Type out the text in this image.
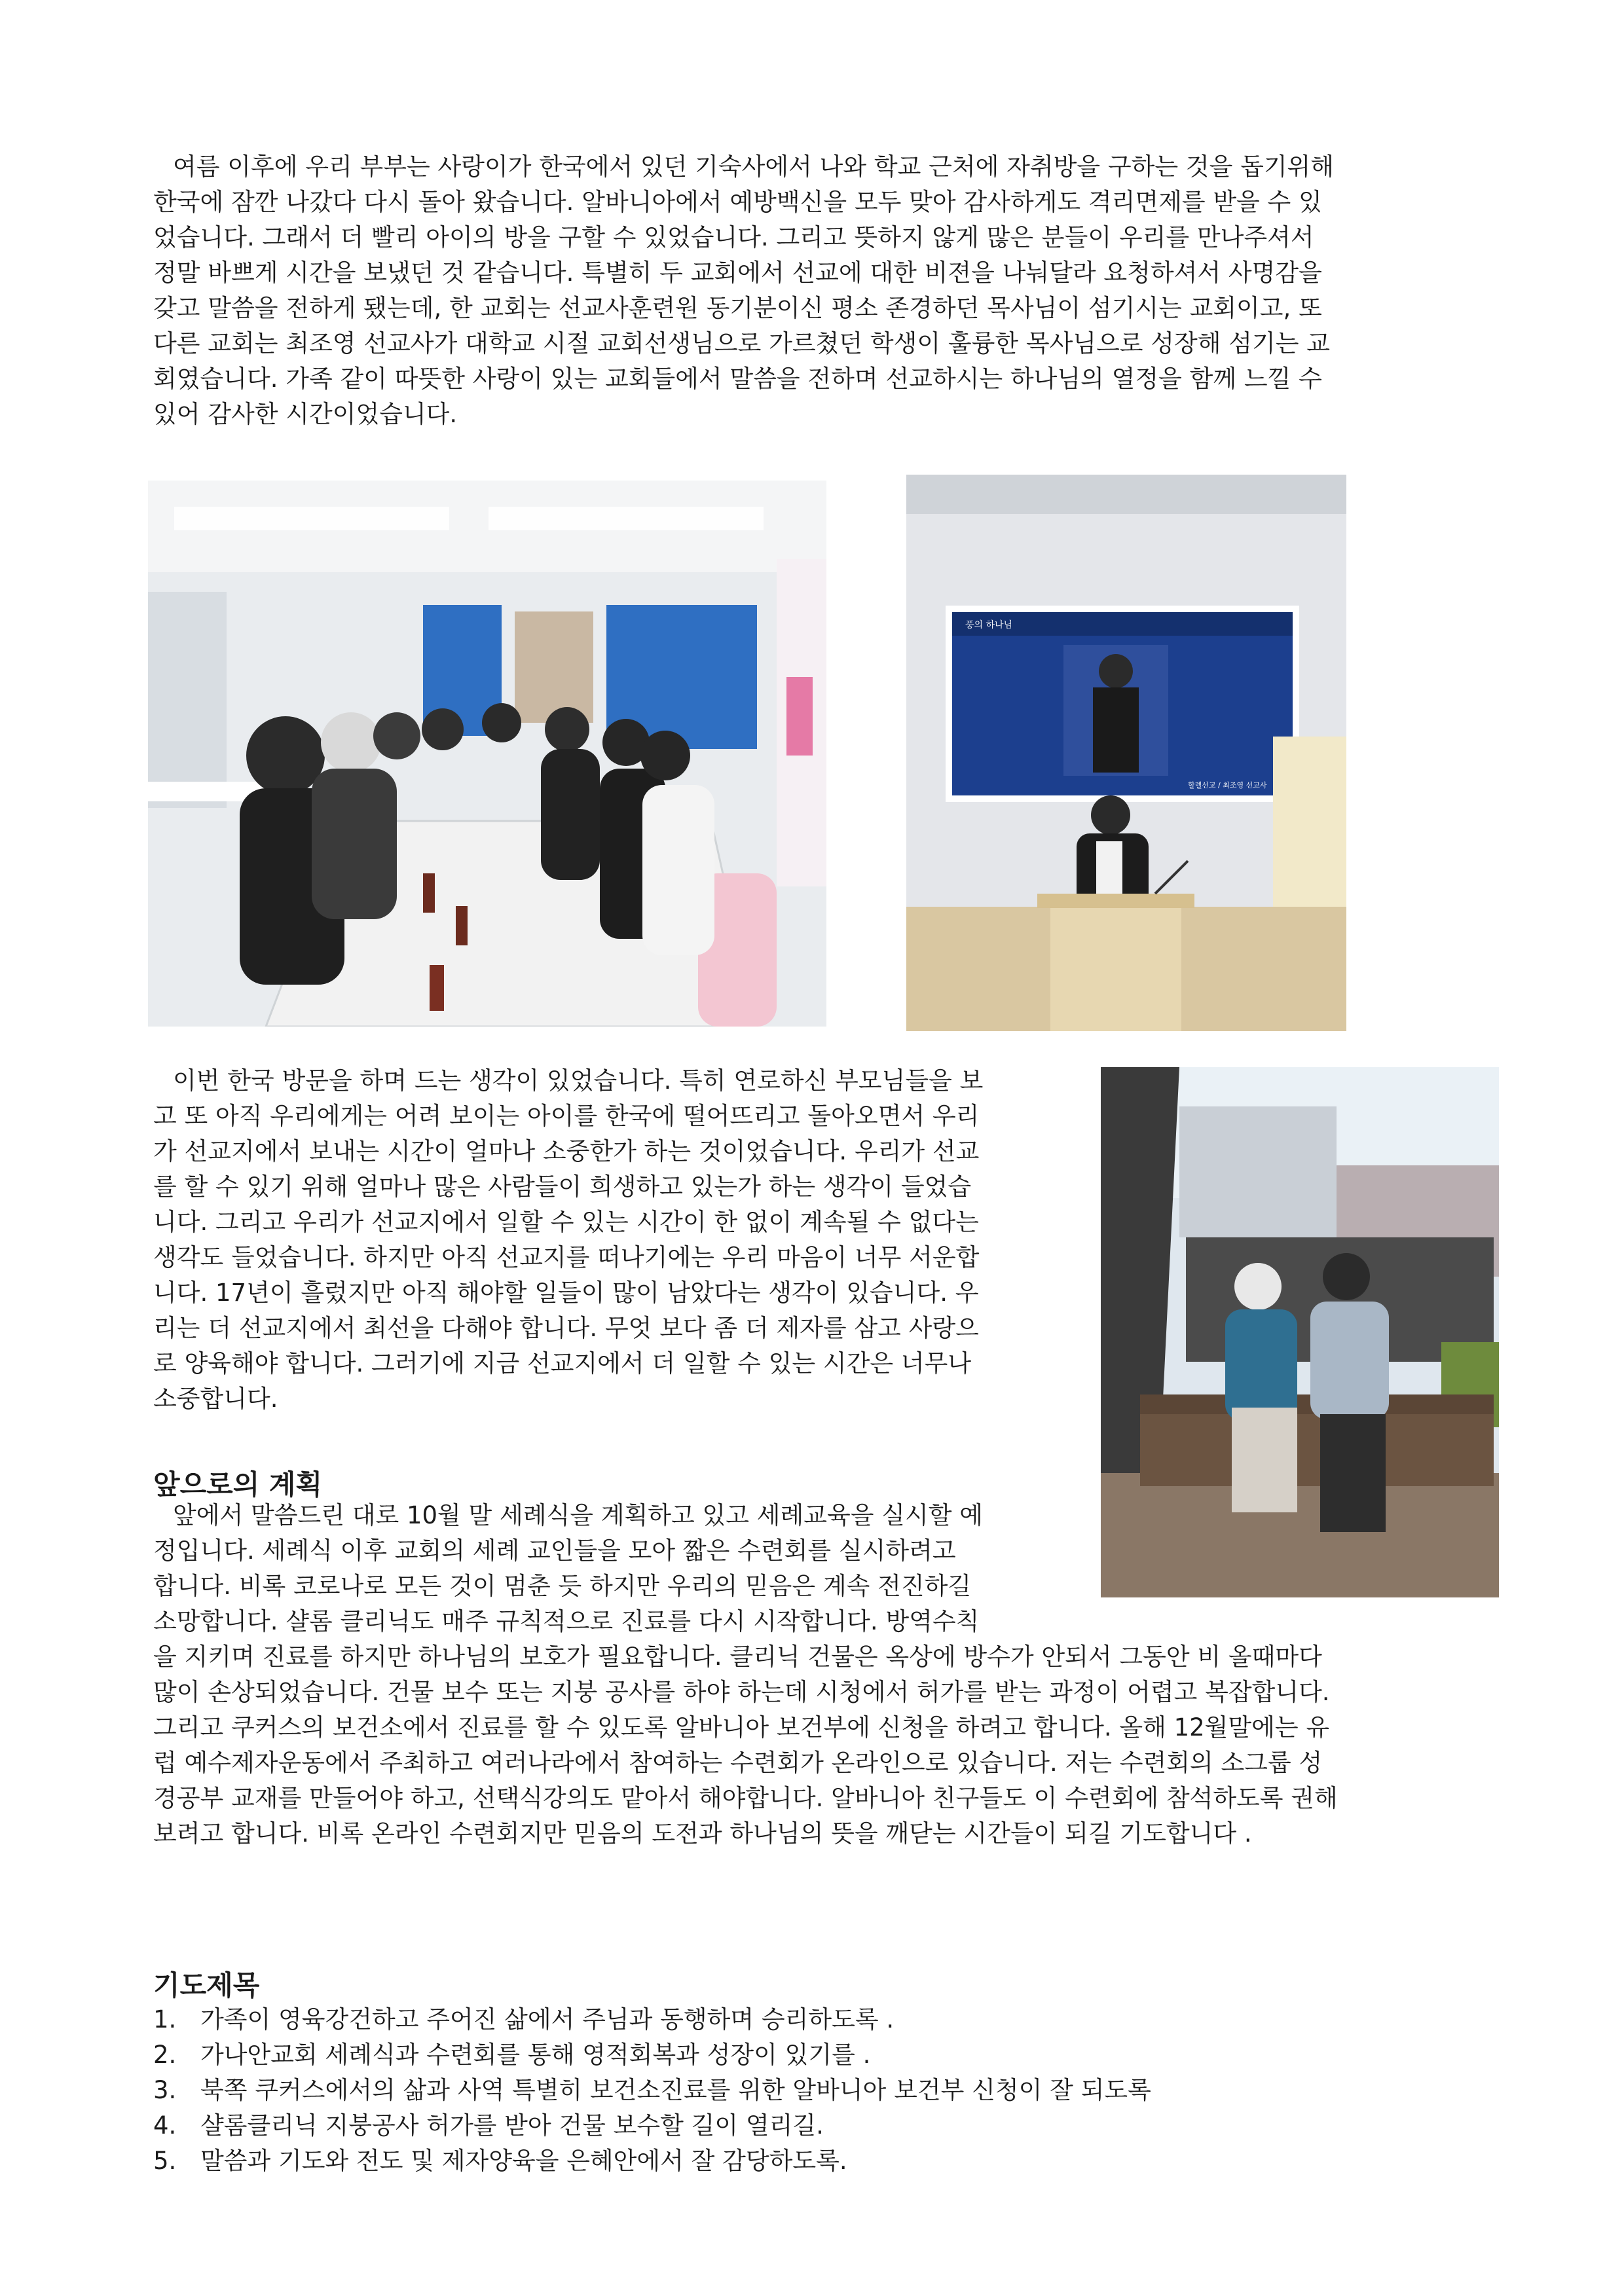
여름 이후에 우리 부부는 사랑이가 한국에서 있던 기숙사에서 나와 학교 근처에 자취방을 구하는 것을 돕기위해
한국에 잠깐 나갔다 다시 돌아 왔습니다. 알바니아에서 예방백신을 모두 맞아 감사하게도 격리면제를 받을 수 있
었습니다. 그래서 더 빨리 아이의 방을 구할 수 있었습니다. 그리고 뜻하지 않게 많은 분들이 우리를 만나주셔서
정말 바쁘게 시간을 보냈던 것 같습니다. 특별히 두 교회에서 선교에 대한 비젼을 나눠달라 요청하셔서 사명감을
갖고 말씀을 전하게 됐는데, 한 교회는 선교사훈련원 동기분이신 평소 존경하던 목사님이 섬기시는 교회이고, 또
다른 교회는 최조영 선교사가 대학교 시절 교회선생님으로 가르쳤던 학생이 훌륭한 목사님으로 성장해 섬기는 교
회였습니다. 가족 같이 따뜻한 사랑이 있는 교회들에서 말씀을 전하며 선교하시는 하나님의 열정을 함께 느낄 수
있어 감사한 시간이었습니다.
풍의 하나님
할렐선교 / 최조영 선교사
이번 한국 방문을 하며 드는 생각이 있었습니다. 특히 연로하신 부모님들을 보
고 또 아직 우리에게는 어려 보이는 아이를 한국에 떨어뜨리고 돌아오면서 우리
가 선교지에서 보내는 시간이 얼마나 소중한가 하는 것이었습니다. 우리가 선교
를 할 수 있기 위해 얼마나 많은 사람들이 희생하고 있는가 하는 생각이 들었습
니다. 그리고 우리가 선교지에서 일할 수 있는 시간이 한 없이 계속될 수 없다는
생각도 들었습니다. 하지만 아직 선교지를 떠나기에는 우리 마음이 너무 서운합
니다. 17년이 흘렀지만 아직 해야할 일들이 많이 남았다는 생각이 있습니다. 우
리는 더 선교지에서 최선을 다해야 합니다. 무엇 보다 좀 더 제자를 삼고 사랑으
로 양육해야 합니다. 그러기에 지금 선교지에서 더 일할 수 있는 시간은 너무나
소중합니다.
앞으로의 계획
앞에서 말씀드린 대로 10월 말 세례식을 계획하고 있고 세례교육을 실시할 예
정입니다. 세례식 이후 교회의 세례 교인들을 모아 짧은 수련회를 실시하려고
합니다. 비록 코로나로 모든 것이 멈춘 듯 하지만 우리의 믿음은 계속 전진하길
소망합니다. 샬롬 클리닉도 매주 규칙적으로 진료를 다시 시작합니다. 방역수칙
을 지키며 진료를 하지만 하나님의 보호가 필요합니다. 클리닉 건물은 옥상에 방수가 안되서 그동안 비 올때마다
많이 손상되었습니다. 건물 보수 또는 지붕 공사를 하야 하는데 시청에서 허가를 받는 과정이 어렵고 복잡합니다.
그리고 쿠커스의 보건소에서 진료를 할 수 있도록 알바니아 보건부에 신청을 하려고 합니다. 올해 12월말에는 유
럽 예수제자운동에서 주최하고 여러나라에서 참여하는 수련회가 온라인으로 있습니다. 저는 수련회의 소그룹 성
경공부 교재를 만들어야 하고, 선택식강의도 맡아서 해야합니다. 알바니아 친구들도 이 수련회에 참석하도록 권해
보려고 합니다. 비록 온라인 수련회지만 믿음의 도전과 하나님의 뜻을 깨닫는 시간들이 되길 기도합니다 .
기도제목
1. 가족이 영육강건하고 주어진 삶에서 주님과 동행하며 승리하도록 .
2. 가나안교회 세례식과 수련회를 통해 영적회복과 성장이 있기를 .
3. 북쪽 쿠커스에서의 삶과 사역 특별히 보건소진료를 위한 알바니아 보건부 신청이 잘 되도록
4. 샬롬클리닉 지붕공사 허가를 받아 건물 보수할 길이 열리길.
5. 말씀과 기도와 전도 및 제자양육을 은혜안에서 잘 감당하도록.
